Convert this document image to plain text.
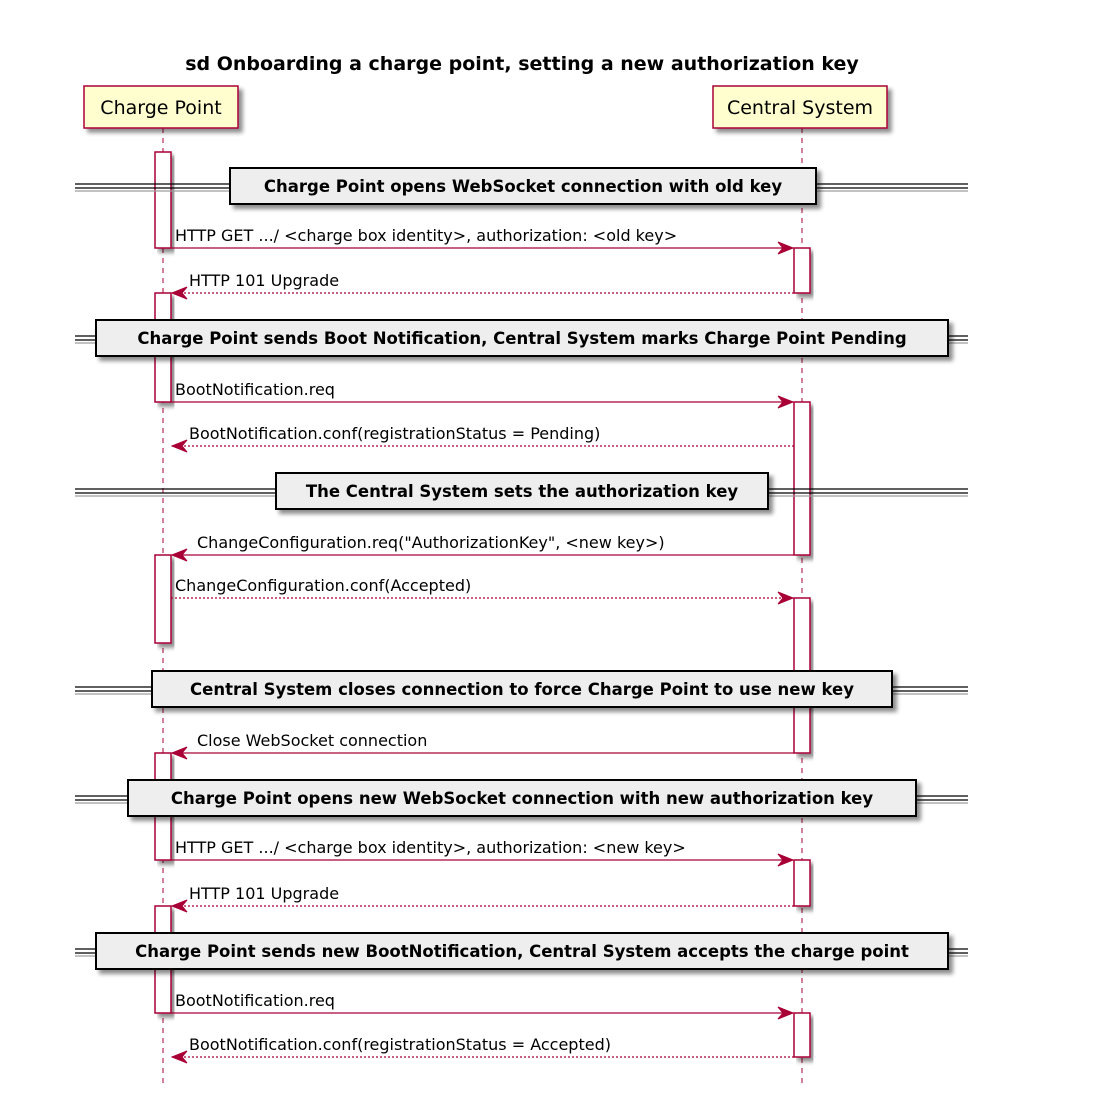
sd Onboarding a charge point, setting a new authorization key
Charge Point	Central System
Charge Point opens WebSocket connection with old key
Charge Point sends Boot Notification, Central System marks Charge Point Pending
The Central System sets the authorization key
Central System closes connection to force Charge Point to use new key
Charge Point opens new WebSocket connection with new authorization key
Charge Point sends new BootNotification, Central System accepts the charge point
HTTP GET .../ <charge box identity>, authorization: <old key>
HTTP 101 Upgrade
BootNotification.req
BootNotification.conf(registrationStatus = Pending)
ChangeConfiguration.req("AuthorizationKey", <new key>)
ChangeConfiguration.conf(Accepted)
Close WebSocket connection
HTTP GET .../ <charge box identity>, authorization: <new key>
HTTP 101 Upgrade
BootNotification.req
BootNotification.conf(registrationStatus = Accepted)
